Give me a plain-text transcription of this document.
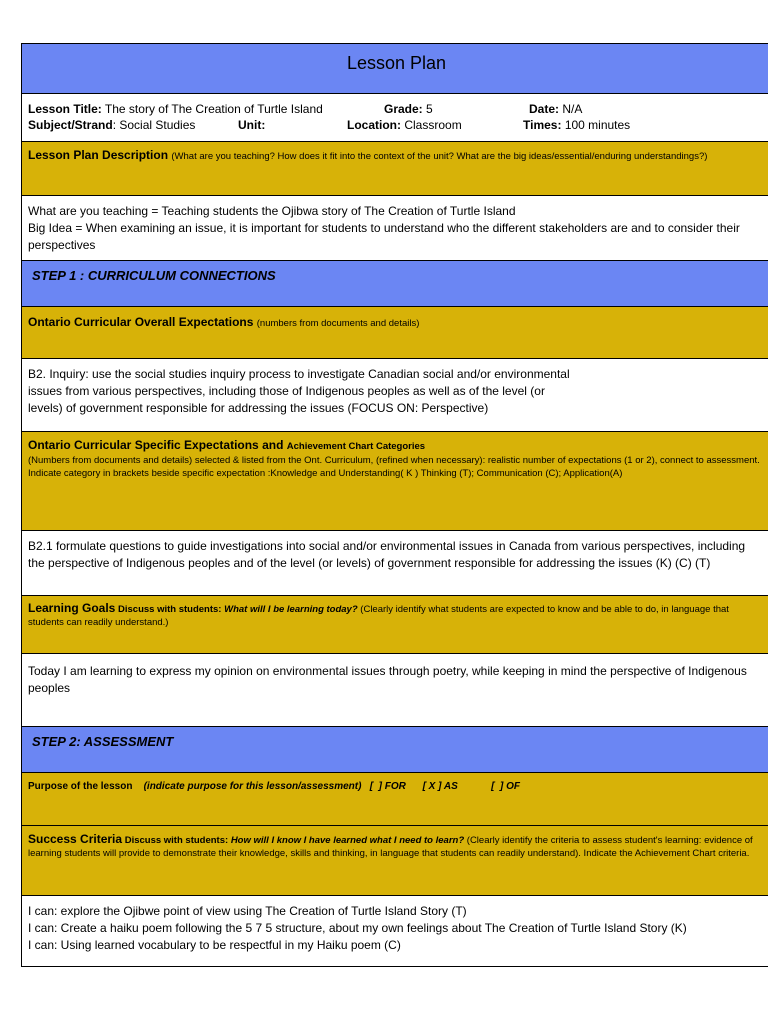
Lesson Plan
Lesson Title: The story of The Creation of Turtle Island	Grade: 5	Date: N/A
Subject/Strand: Social Studies	Unit:	Location: Classroom	Times: 100 minutes
Lesson Plan Description (What are you teaching? How does it fit into the context of the unit? What are the big ideas/essential/enduring understandings?)
What are you teaching = Teaching students the Ojibwa story of The Creation of Turtle Island
Big Idea = When examining an issue, it is important for students to understand who the different stakeholders are and to consider their perspectives
STEP 1 : CURRICULUM CONNECTIONS
Ontario Curricular Overall Expectations (numbers from documents and details)
B2. Inquiry: use the social studies inquiry process to investigate Canadian social and/or environmental
issues from various perspectives, including those of Indigenous peoples as well as of the level (or
levels) of government responsible for addressing the issues (FOCUS ON: Perspective)
Ontario Curricular Specific Expectations and Achievement Chart Categories
(Numbers from documents and details) selected & listed from the Ont. Curriculum, (refined when necessary): realistic number of expectations (1 or 2), connect to assessment. Indicate category in brackets beside specific expectation :Knowledge and Understanding( K ) Thinking (T); Communication (C); Application(A)
B2.1 formulate questions to guide investigations into social and/or environmental issues in Canada from various perspectives, including the perspective of Indigenous peoples and of the level (or levels) of government responsible for addressing the issues (K) (C) (T)
Learning Goals Discuss with students: What will I be learning today? (Clearly identify what students are expected to know and be able to do, in language that students can readily understand.)
Today I am learning to express my opinion on environmental issues through poetry, while keeping in mind the perspective of Indigenous peoples
STEP 2: ASSESSMENT
Purpose of the lesson (indicate purpose for this lesson/assessment) [  ] FOR [ X ] AS	[  ] OF
Success Criteria Discuss with students: How will I know I have learned what I need to learn? (Clearly identify the criteria to assess student's learning: evidence of learning students will provide to demonstrate their knowledge, skills and thinking, in language that students can readily understand). Indicate the Achievement Chart criteria.
I can: explore the Ojibwe point of view using The Creation of Turtle Island Story (T)
I can: Create a haiku poem following the 5 7 5 structure, about my own feelings about The Creation of Turtle Island Story (K)
I can: Using learned vocabulary to be respectful in my Haiku poem (C)
